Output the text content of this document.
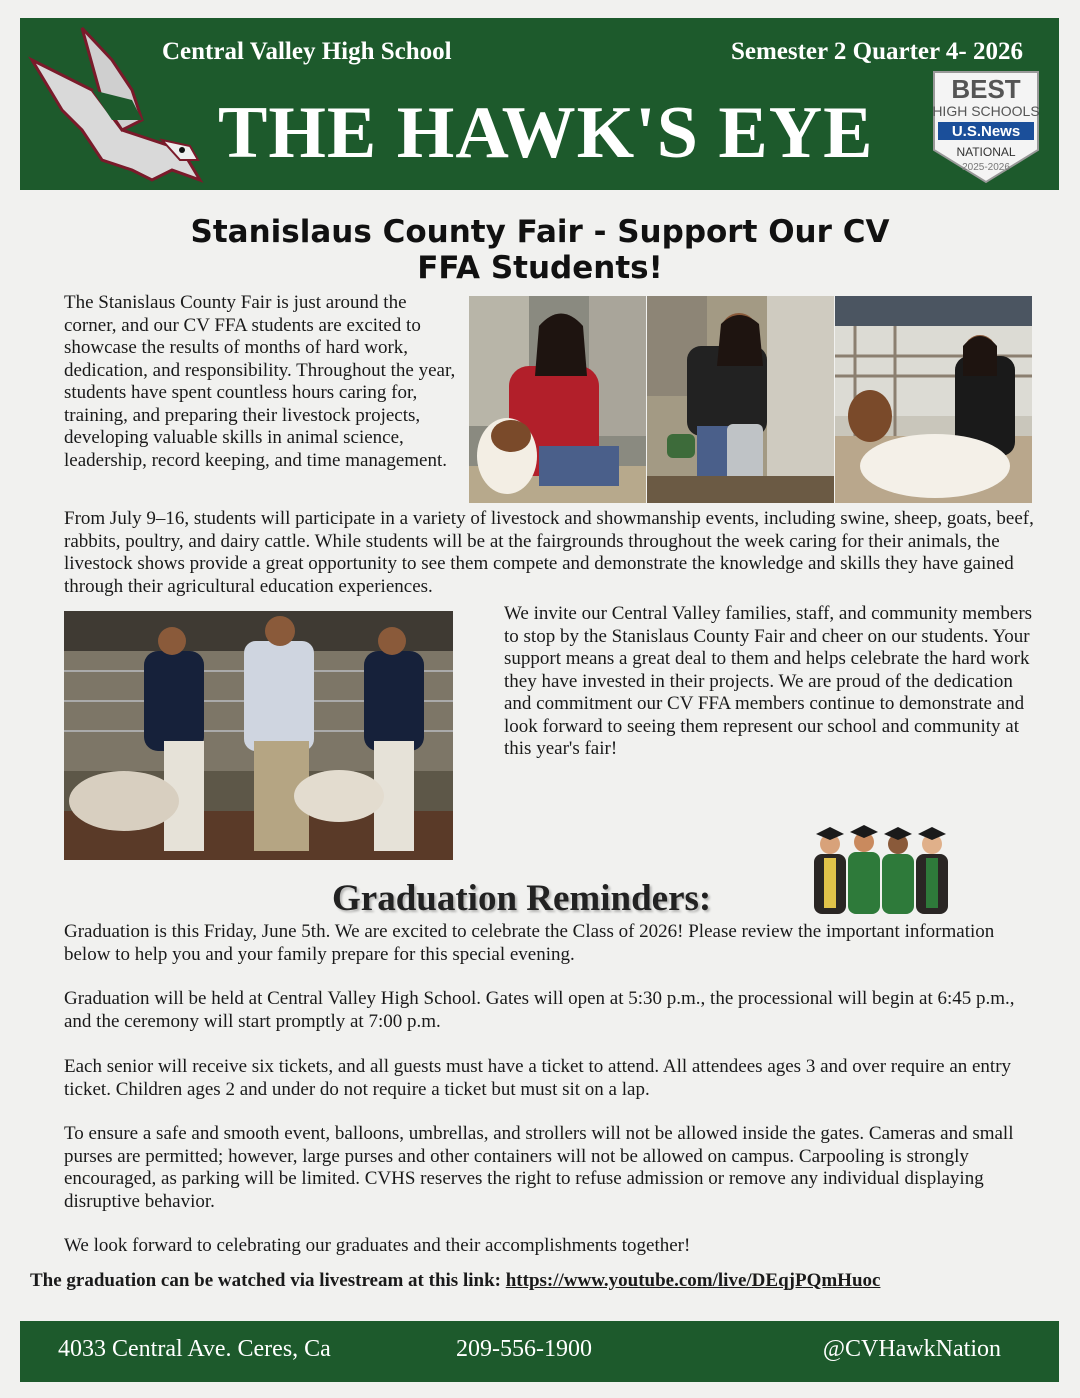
Central Valley High School	Semester 2 Quarter 4- 2026
THE HAWK'S EYE
BEST
HIGH SCHOOLS
U.S.News
NATIONAL
2025-2026
Stanislaus County Fair - Support Our CV
FFA Students!

The Stanislaus County Fair is just around the corner, and our CV FFA students are excited to showcase the results of months of hard work, dedication, and responsibility. Throughout the year, students have spent countless hours caring for, training, and preparing their livestock projects, developing valuable skills in animal science, leadership, record keeping, and time management.

From July 9–16, students will participate in a variety of livestock and showmanship events, including swine, sheep, goats, beef, rabbits, poultry, and dairy cattle. While students will be at the fairgrounds throughout the week caring for their animals, the livestock shows provide a great opportunity to see them compete and demonstrate the knowledge and skills they have gained through their agricultural education experiences.

We invite our Central Valley families, staff, and community members to stop by the Stanislaus County Fair and cheer on our students. Your support means a great deal to them and helps celebrate the hard work they have invested in their projects. We are proud of the dedication and commitment our CV FFA members continue to demonstrate and look forward to seeing them represent our school and community at this year's fair!

Graduation Reminders:

Graduation is this Friday, June 5th. We are excited to celebrate the Class of 2026! Please review the important information below to help you and your family prepare for this special evening.

Graduation will be held at Central Valley High School. Gates will open at 5:30 p.m., the processional will begin at 6:45 p.m., and the ceremony will start promptly at 7:00 p.m.

Each senior will receive six tickets, and all guests must have a ticket to attend. All attendees ages 3 and over require an entry ticket. Children ages 2 and under do not require a ticket but must sit on a lap.

To ensure a safe and smooth event, balloons, umbrellas, and strollers will not be allowed inside the gates. Cameras and small purses are permitted; however, large purses and other containers will not be allowed on campus. Carpooling is strongly encouraged, as parking will be limited. CVHS reserves the right to refuse admission or remove any individual displaying disruptive behavior.

We look forward to celebrating our graduates and their accomplishments together!

The graduation can be watched via livestream at this link: https://www.youtube.com/live/DEqjPQmHuoc
4033 Central Ave. Ceres, Ca	209-556-1900	@CVHawkNation
